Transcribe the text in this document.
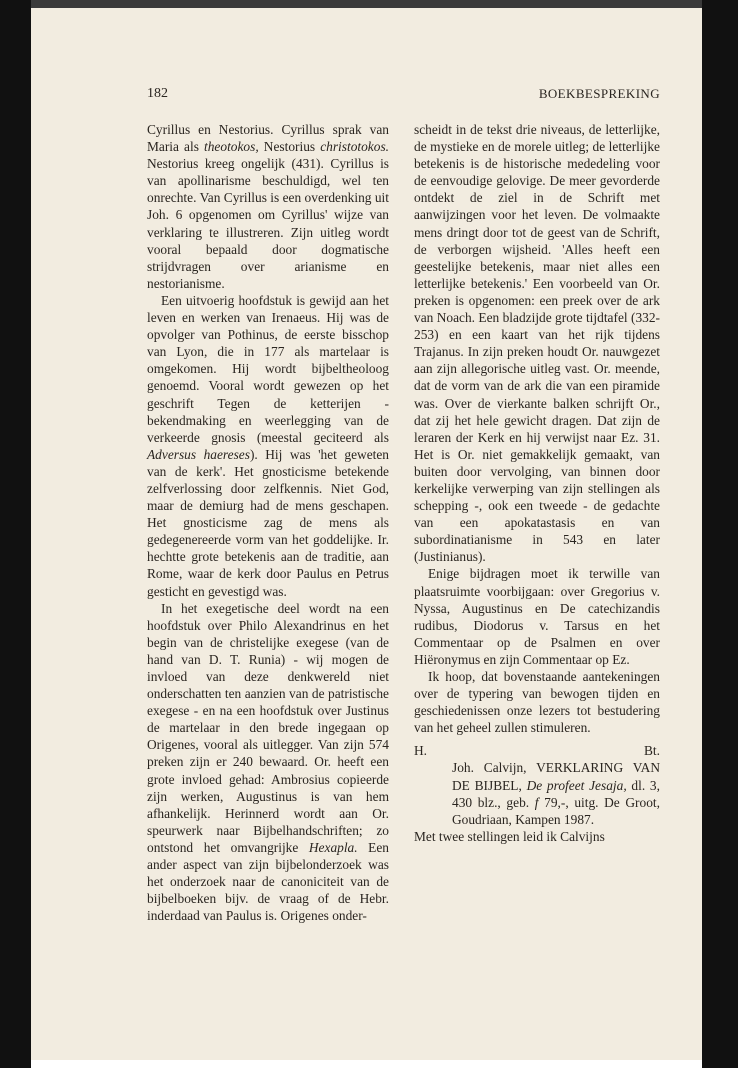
182	BOEKBESPREKING

Cyrillus en Nestorius. Cyrillus sprak van Maria als theotokos, Nestorius christotokos. Nestorius kreeg ongelijk (431). Cyrillus is van apollinarisme beschuldigd, wel ten onrechte. Van Cyrillus is een overdenking uit Joh. 6 opgenomen om Cyrillus' wijze van verklaring te illustreren. Zijn uitleg wordt vooral bepaald door dogmatische strijdvragen over arianisme en nestorianisme.

Een uitvoerig hoofdstuk is gewijd aan het leven en werken van Irenaeus. Hij was de opvolger van Pothinus, de eerste bisschop van Lyon, die in 177 als martelaar is omgekomen. Hij wordt bijbeltheoloog genoemd. Vooral wordt gewezen op het geschrift Tegen de ketterijen - bekendmaking en weerlegging van de verkeerde gnosis (meestal geciteerd als Adversus haereses). Hij was 'het geweten van de kerk'. Het gnosticisme betekende zelfverlossing door zelfkennis. Niet God, maar de demiurg had de mens geschapen. Het gnosticisme zag de mens als gedegenereerde vorm van het goddelijke. Ir. hechtte grote betekenis aan de traditie, aan Rome, waar de kerk door Paulus en Petrus gesticht en gevestigd was.

In het exegetische deel wordt na een hoofdstuk over Philo Alexandrinus en het begin van de christelijke exegese (van de hand van D. T. Runia) - wij mogen de invloed van deze denkwereld niet onderschatten ten aanzien van de patristische exegese - en na een hoofdstuk over Justinus de martelaar in den brede ingegaan op Origenes, vooral als uitlegger. Van zijn 574 preken zijn er 240 bewaard. Or. heeft een grote invloed gehad: Ambrosius copieerde zijn werken, Augustinus is van hem afhankelijk. Herinnerd wordt aan Or. speurwerk naar Bijbelhandschriften; zo ontstond het omvangrijke Hexapla. Een ander aspect van zijn bijbelonderzoek was het onderzoek naar de canoniciteit van de bijbelboeken bijv. de vraag of de Hebr. inderdaad van Paulus is. Origenes onder-

scheidt in de tekst drie niveaus, de letterlijke, de mystieke en de morele uitleg; de letterlijke betekenis is de historische mededeling voor de eenvoudige gelovige. De meer gevorderde ontdekt de ziel in de Schrift met aanwijzingen voor het leven. De volmaakte mens dringt door tot de geest van de Schrift, de verborgen wijsheid. 'Alles heeft een geestelijke betekenis, maar niet alles een letterlijke betekenis.' Een voorbeeld van Or. preken is opgenomen: een preek over de ark van Noach. Een bladzijde grote tijdtafel (332-253) en een kaart van het rijk tijdens Trajanus. In zijn preken houdt Or. nauwgezet aan zijn allegorische uitleg vast. Or. meende, dat de vorm van de ark die van een piramide was. Over de vierkante balken schrijft Or., dat zij het hele gewicht dragen. Dat zijn de leraren der Kerk en hij verwijst naar Ez. 31. Het is Or. niet gemakkelijk gemaakt, van buiten door vervolging, van binnen door kerkelijke verwerping van zijn stellingen als schepping -, ook een tweede - de gedachte van een apokatastasis en van subordinatianisme in 543 en later (Justinianus).

Enige bijdragen moet ik terwille van plaatsruimte voorbijgaan: over Gregorius v. Nyssa, Augustinus en De catechizandis rudibus, Diodorus v. Tarsus en het Commentaar op de Psalmen en over Hiëronymus en zijn Commentaar op Ez.

Ik hoop, dat bovenstaande aantekeningen over de typering van bewogen tijden en geschiedenissen onze lezers tot bestudering van het geheel zullen stimuleren.

H.	Bt.

Joh. Calvijn, VERKLARING VAN DE BIJBEL, De profeet Jesaja, dl. 3, 430 blz., geb. f 79,-, uitg. De Groot, Goudriaan, Kampen 1987.

Met twee stellingen leid ik Calvijns
